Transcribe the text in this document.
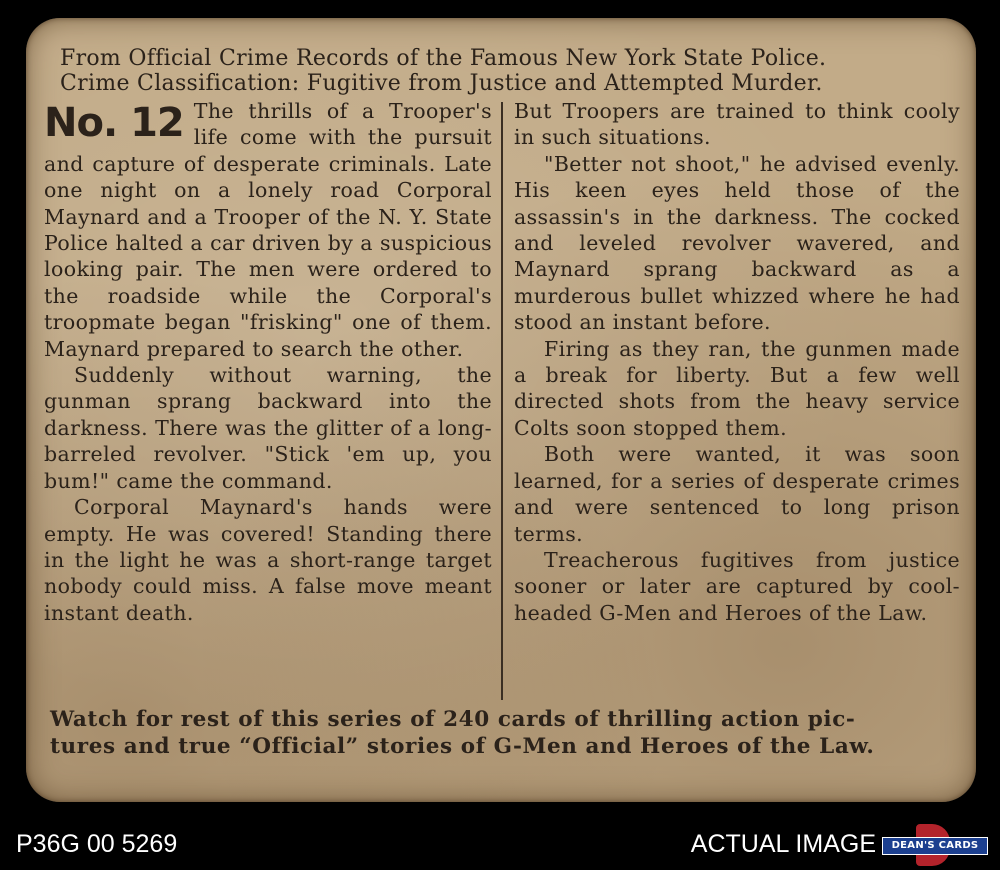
From Official Crime Records of the Famous New York State Police.
Crime Classification: Fugitive from Justice and Attempted Murder.
No. 12 The thrills of a Trooper's life come with the pursuit and capture of desperate criminals. Late one night on a lonely road Corporal Maynard and a Trooper of the N. Y. State Police halted a car driven by a suspicious looking pair. The men were ordered to the roadside while the Corporal's troopmate began "frisking" one of them. Maynard prepared to search the other.

Suddenly without warning, the gunman sprang backward into the darkness. There was the glitter of a long-barreled revolver. "Stick 'em up, you bum!" came the command.

Corporal Maynard's hands were empty. He was covered! Standing there in the light he was a short-range target nobody could miss. A false move meant instant death.

But Troopers are trained to think cooly in such situations.

"Better not shoot," he advised evenly. His keen eyes held those of the assassin's in the darkness. The cocked and leveled revolver wavered, and Maynard sprang backward as a murderous bullet whizzed where he had stood an instant before.

Firing as they ran, the gunmen made a break for liberty. But a few well directed shots from the heavy service Colts soon stopped them.

Both were wanted, it was soon learned, for a series of desperate crimes and were sentenced to long prison terms.

Treacherous fugitives from justice sooner or later are captured by cool-headed G-Men and Heroes of the Law.

Watch for rest of this series of 240 cards of thrilling action pic-
tures and true “Official” stories of G-Men and Heroes of the Law.
P36G 00 5269	ACTUAL IMAGE	DEAN'S CARDS
